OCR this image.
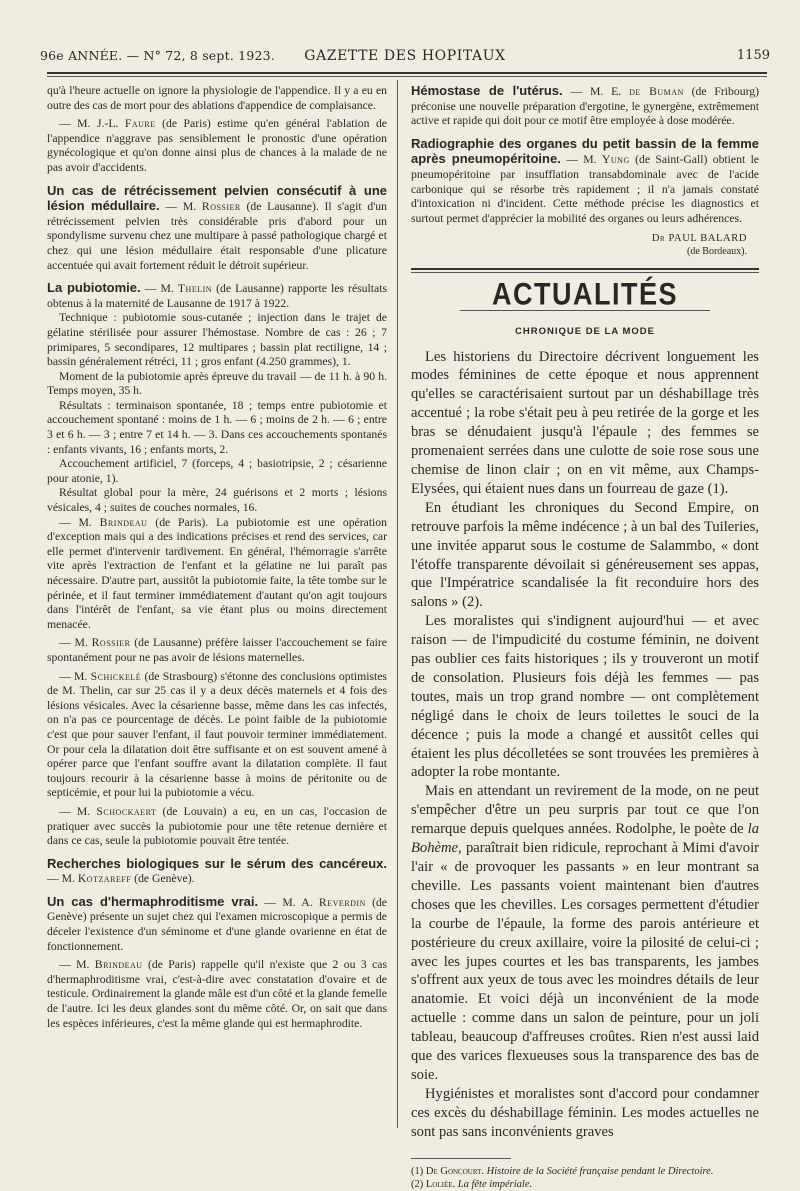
96e ANNÉE. — N° 72, 8 sept. 1923.	GAZETTE DES HOPITAUX	1159

qu'à l'heure actuelle on ignore la physiologie de l'appendice. Il y a eu en outre des cas de mort pour des ablations d'appendice de complaisance.

— M. J.-L. Faure (de Paris) estime qu'en général l'ablation de l'appendice n'aggrave pas sensiblement le pronostic d'une opération gynécologique et qu'on donne ainsi plus de chances à la malade de ne pas avoir d'accidents.

Un cas de rétrécissement pelvien consécutif à une lésion médullaire. — M. Rossier (de Lausanne). Il s'agit d'un rétrécissement pelvien très considérable pris d'abord pour un spondylisme survenu chez une multipare à passé pathologique chargé et chez qui une lésion médullaire était responsable d'une plicature accentuée qui avait fortement réduit le détroit supérieur.

La pubiotomie. — M. Thelin (de Lausanne) rapporte les résultats obtenus à la maternité de Lausanne de 1917 à 1922.

Technique : pubiotomie sous-cutanée ; injection dans le trajet de gélatine stérilisée pour assurer l'hémostase. Nombre de cas : 26 ; 7 primipares, 5 secondipares, 12 multipares ; bassin plat rectiligne, 14 ; bassin généralement rétréci, 11 ; gros enfant (4.250 grammes), 1.

Moment de la pubiotomie après épreuve du travail — de 11 h. à 90 h. Temps moyen, 35 h.

Résultats : terminaison spontanée, 18 ; temps entre pubiotomie et accouchement spontané : moins de 1 h. — 6 ; moins de 2 h. — 6 ; entre 3 et 6 h. — 3 ; entre 7 et 14 h. — 3. Dans ces accouchements spontanés : enfants vivants, 16 ; enfants morts, 2.

Accouchement artificiel, 7 (forceps, 4 ; basiotripsie, 2 ; césarienne pour atonie, 1).

Résultat global pour la mère, 24 guérisons et 2 morts ; lésions vésicales, 4 ; suites de couches normales, 16.

— M. Brindeau (de Paris). La pubiotomie est une opération d'exception mais qui a des indications précises et rend des services, car elle permet d'intervenir tardivement. En général, l'hémorragie s'arrête vite après l'extraction de l'enfant et la gélatine ne lui paraît pas nécessaire. D'autre part, aussitôt la pubiotomie faite, la tête tombe sur le périnée, et il faut terminer immédiatement d'autant qu'on agit toujours dans l'intérêt de l'enfant, sa vie étant plus ou moins directement menacée.

— M. Rossier (de Lausanne) préfère laisser l'accouchement se faire spontanément pour ne pas avoir de lésions maternelles.

— M. Schickelé (de Strasbourg) s'étonne des conclusions optimistes de M. Thelin, car sur 25 cas il y a deux décès maternels et 4 fois des lésions vésicales. Avec la césarienne basse, même dans les cas infectés, on n'a pas ce pourcentage de décès. Le point faible de la pubiotomie c'est que pour sauver l'enfant, il faut pouvoir terminer immédiatement. Or pour cela la dilatation doit être suffisante et on est souvent amené à opérer parce que l'enfant souffre avant la dilatation complète. Il faut toujours recourir à la césarienne basse à moins de péritonite ou de septicémie, et pour lui la pubiotomie a vécu.

— M. Schockaert (de Louvain) a eu, en un cas, l'occasion de pratiquer avec succès la pubiotomie pour une tête retenue dernière et dans ce cas, seule la pubiotomie pouvait être tentée.

Recherches biologiques sur le sérum des cancéreux. — M. Kotzareff (de Genève).

Un cas d'hermaphroditisme vrai. — M. A. Reverdin (de Genève) présente un sujet chez qui l'examen microscopique a permis de déceler l'existence d'un séminome et d'une glande ovarienne en état de fonctionnement.

— M. Brindeau (de Paris) rappelle qu'il n'existe que 2 ou 3 cas d'hermaphroditisme vrai, c'est-à-dire avec constatation d'ovaire et de testicule. Ordinairement la glande mâle est d'un côté et la glande femelle de l'autre. Ici les deux glandes sont du même côté. Or, on sait que dans les espèces inférieures, c'est la même glande qui est hermaphrodite.

Hémostase de l'utérus. — M. E. de Buman (de Fribourg) préconise une nouvelle préparation d'ergotine, le gynergène, extrêmement active et rapide qui doit pour ce motif être employée à dose modérée.

Radiographie des organes du petit bassin de la femme après pneumopéritoine. — M. Yung (de Saint-Gall) obtient le pneumopéritoine par insufflation transabdominale avec de l'acide carbonique qui se résorbe très rapidement ; il n'a jamais constaté d'intoxication ni d'incident. Cette méthode précise les diagnostics et surtout permet d'apprécier la mobilité des organes ou leurs adhérences.

Dr PAUL BALARD
(de Bordeaux).
ACTUALITÉS
CHRONIQUE DE LA MODE

Les historiens du Directoire décrivent longuement les modes féminines de cette époque et nous apprennent qu'elles se caractérisaient surtout par un déshabillage très accentué ; la robe s'était peu à peu retirée de la gorge et les bras se dénudaient jusqu'à l'épaule ; des femmes se promenaient serrées dans une culotte de soie rose sous une chemise de linon clair ; on en vit même, aux Champs-Elysées, qui étaient nues dans un fourreau de gaze (1).

En étudiant les chroniques du Second Empire, on retrouve parfois la même indécence ; à un bal des Tuileries, une invitée apparut sous le costume de Salammbo, « dont l'étoffe transparente dévoilait si généreusement ses appas, que l'Impératrice scandalisée la fit reconduire hors des salons » (2).

Les moralistes qui s'indignent aujourd'hui — et avec raison — de l'impudicité du costume féminin, ne doivent pas oublier ces faits historiques ; ils y trouveront un motif de consolation. Plusieurs fois déjà les femmes — pas toutes, mais un trop grand nombre — ont complètement négligé dans le choix de leurs toilettes le souci de la décence ; puis la mode a changé et aussitôt celles qui étaient les plus décolletées se sont trouvées les premières à adopter la robe montante.

Mais en attendant un revirement de la mode, on ne peut s'empêcher d'être un peu surpris par tout ce que l'on remarque depuis quelques années. Rodolphe, le poète de la Bohème, paraîtrait bien ridicule, reprochant à Mimi d'avoir l'air « de provoquer les passants » en leur montrant sa cheville. Les passants voient maintenant bien d'autres choses que les chevilles. Les corsages permettent d'étudier la courbe de l'épaule, la forme des parois antérieure et postérieure du creux axillaire, voire la pilosité de celui-ci ; avec les jupes courtes et les bas transparents, les jambes s'offrent aux yeux de tous avec les moindres détails de leur anatomie. Et voici déjà un inconvénient de la mode actuelle : comme dans un salon de peinture, pour un joli tableau, beaucoup d'affreuses croûtes. Rien n'est aussi laid que des varices flexueuses sous la transparence des bas de soie.

Hygiénistes et moralistes sont d'accord pour condamner ces excès du déshabillage féminin. Les modes actuelles ne sont pas sans inconvénients graves

(1) De Goncourt. Histoire de la Société française pendant le Directoire.

(2) Loliée. La fête impériale.
